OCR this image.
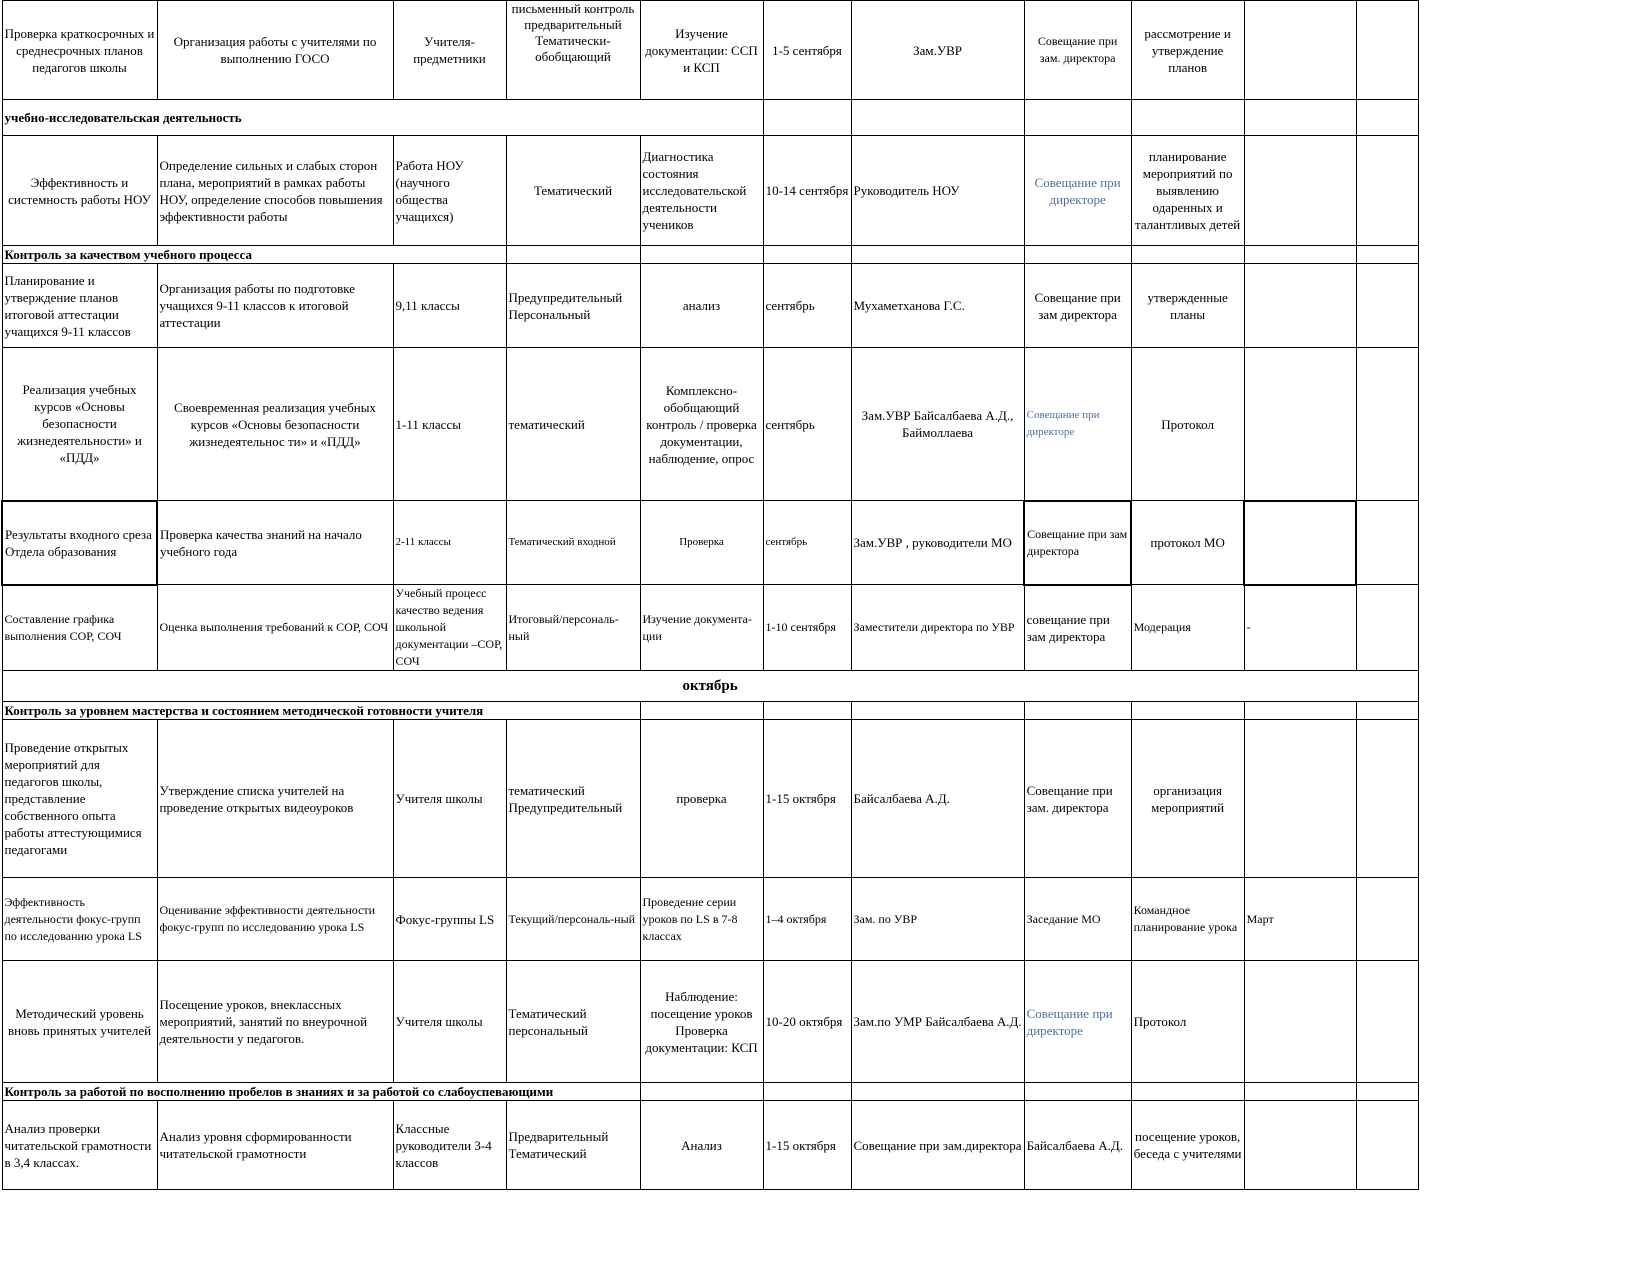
Проверка краткосрочных и среднесрочных планов педагогов школы	Организация работы с учителями по выполнению ГОСО	Учителя-предметники	письменный контроль предварительный Тематически-обобщающий	Изучение документации: ССП и КСП	1-5 сентября	Зам.УВР	Совещание при зам. директора	рассмотрение и утверждение планов		
учебно-исследовательская деятельность										
Эффективность и системность работы НОУ	Определение сильных и слабых сторон плана, мероприятий в рамках работы НОУ, определение способов повышения эффективности работы	Работа НОУ (научного общества учащихся)	Тематический	Диагностика состояния исследовательской деятельности учеников	10-14 сентября	Руководитель НОУ	Совещание при директоре	планирование мероприятий по выявлению одаренных и талантливых детей		
Контроль за качеством учебного процесса										
Планирование и утверждение планов итоговой аттестации учащихся 9-11 классов	Организация работы по подготовке учащихся 9-11 классов к итоговой аттестации	9,11 классы	Предупредительный Персональный	анализ	сентябрь	Мухаметханова Г.С.	Совещание при зам директора	утвержденные планы		
Реализация учебных курсов «Основы безопасности жизнедеятельности» и «ПДД»	Своевременная реализация учебных курсов «Основы безопасности жизнедеятельнос ти» и «ПДД»	1-11 классы	тематический	Комплексно-обобщающий контроль / проверка документации, наблюдение, опрос	сентябрь	Зам.УВР Байсалбаева А.Д., Баймоллаева	Совещание при директоре	Протокол		
Результаты входного среза Отдела образования	Проверка качества знаний на начало учебного года	2-11 классы	Тематический входной	Проверка	сентябрь	Зам.УВР , руководители МО	Совещание при зам директора	протокол МО		
Составление графика выполнения СОР, СОЧ	Оценка выполнения требований к СОР, СОЧ	Учебный процесс качество ведения школьной документации –СОР, СОЧ	Итоговый/персональ-ный	Изучение документа-ции	1-10 сентября	Заместители директора по УВР	совещание при зам директора	Модерация	-	
октябрь										
Контроль за уровнем мастерства и состоянием методической готовности учителя										
Проведение открытых мероприятий для педагогов школы, представление собственного опыта работы аттестующимися педагогами	Утверждение списка учителей на проведение открытых видеоуроков	Учителя школы	тематический Предупредительный	проверка	1-15 октября	Байсалбаева А.Д.	Совещание при зам. директора	организация мероприятий		
Эффективность деятельности фокус-групп по исследованию урока LS	Оценивание эффективности деятельности фокус-групп по исследованию урока LS	Фокус-группы LS	Текущий/персональ-ный	Проведение серии уроков по LS в 7-8 классах	1–4 октября	Зам. по УВР	Заседание МО	Командное планирование урока	Март	
Методический уровень вновь принятых учителей	Посещение уроков, внеклассных мероприятий, занятий по внеурочной деятельности у педагогов.	Учителя школы	Тематический персональный	Наблюдение: посещение уроков Проверка документации: КСП	10-20 октября	Зам.по УМР Байсалбаева А.Д.	Совещание при директоре	Протокол		
Контроль за работой по восполнению пробелов в знаниях и за работой со слабоуспевающими										
Анализ проверки читательской грамотности в 3,4 классах.	Анализ уровня сформированности читательской грамотности	Классные руководители 3-4 классов	Предварительный Тематический	Анализ	1-15 октября	Совещание при зам.директора	Байсалбаева А.Д.	посещение уроков, беседа с учителями		
